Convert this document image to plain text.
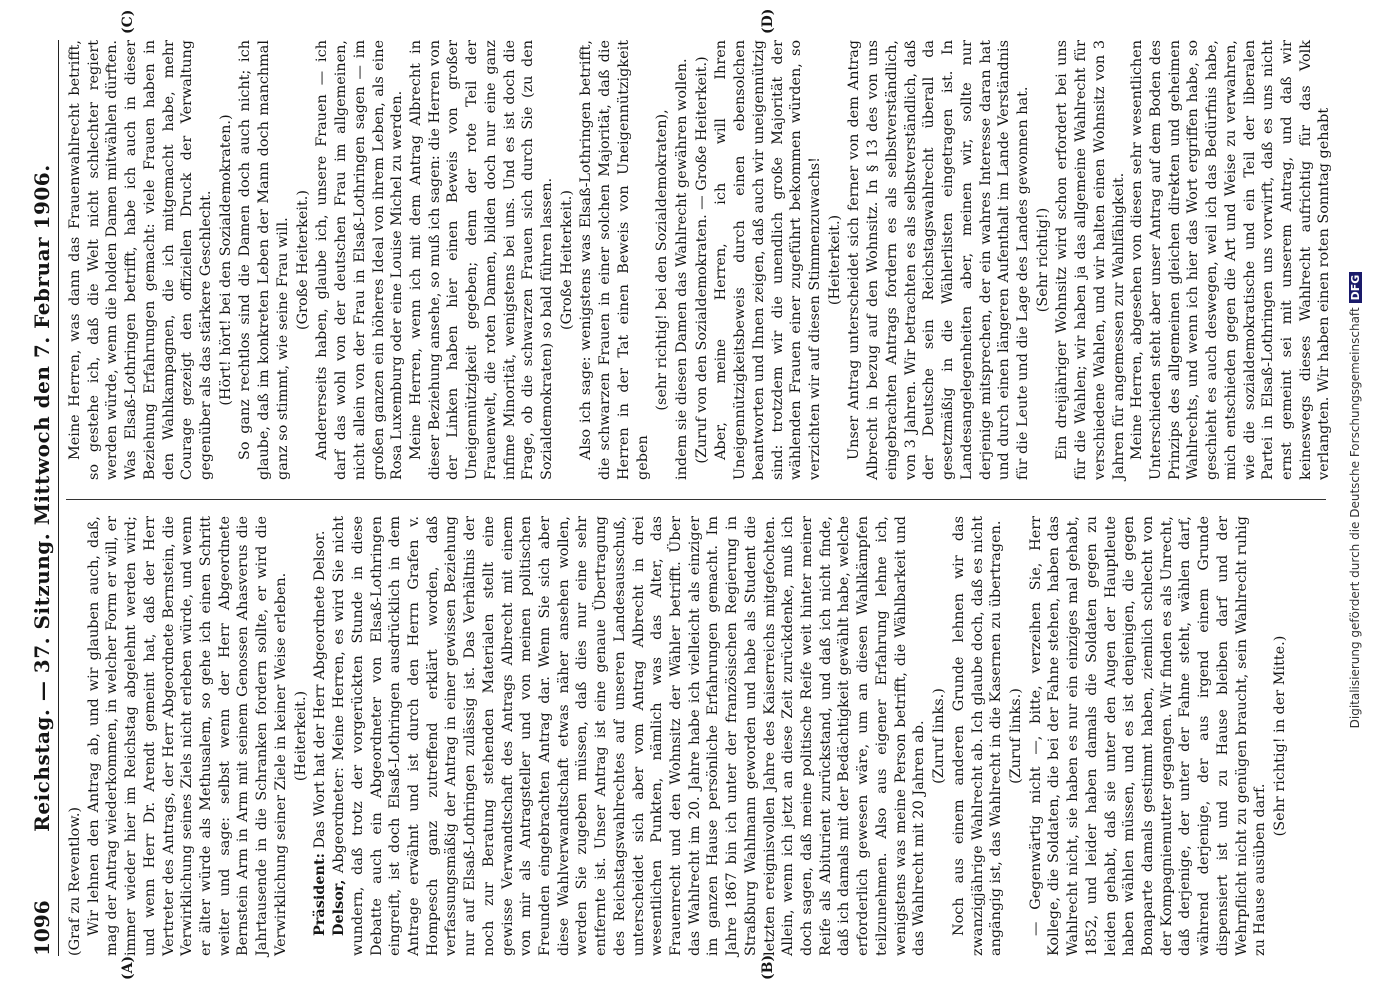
1096
Reichstag. — 37. Sitzung. Mittwoch den 7. Februar 1906.
(A)	(B)
(C)	(D)

(Graf zu Reventlow.) Wir lehnen den Antrag ab, und wir glauben auch, daß, mag der Antrag wiederkommen, in welcher Form er will, er immer wieder hier im Reichstag abgelehnt werden wird; und wenn Herr Dr. Arendt gemeint hat, daß der Herr Vertreter des Antrags, der Herr Abgeordnete Bernstein, die Verwirklichung seines Ziels nicht erleben würde, und wenn er älter würde als Methusalem, so gehe ich einen Schritt weiter und sage: selbst wenn der Herr Abgeordnete Bernstein Arm in Arm mit seinem Genossen Ahasverus die Jahrtausende in die Schranken fordern sollte, er wird die Verwirklichung seiner Ziele in keiner Weise erleben. (Heiterkeit.)

Präsident: Das Wort hat der Herr Abgeordnete Delsor.

Delsor, Abgeordneter: Meine Herren, es wird Sie nicht wundern, daß trotz der vorgerückten Stunde in diese Debatte auch ein Abgeordneter von Elsaß-Lothringen eingreift, ist doch Elsaß-Lothringen ausdrücklich in dem Antrage erwähnt und ist durch den Herrn Grafen v. Hompesch ganz zutreffend erklärt worden, daß verfassungsmäßig der Antrag in einer gewissen Beziehung nur auf Elsaß-Lothringen zulässig ist. Das Verhältnis der noch zur Beratung stehenden Materialen stellt eine gewisse Verwandtschaft des Antrags Albrecht mit einem von mir als Antragsteller und von meinen politischen Freunden eingebrachten Antrag dar. Wenn Sie sich aber diese Wahlverwandtschaft etwas näher ansehen wollen, werden Sie zugeben müssen, daß dies nur eine sehr entfernte ist. Unser Antrag ist eine genaue Übertragung des Reichstagswahlrechtes auf unseren Landesausschuß, unterscheidet sich aber vom Antrag Albrecht in drei wesentlichen Punkten, nämlich was das Alter, das Frauenrecht und den Wohnsitz der Wähler betrifft. Über das Wahlrecht im 20. Jahre habe ich vielleicht als einziger im ganzen Hause persönliche Erfahrungen gemacht. Im Jahre 1867 bin ich unter der französischen Regierung in Straßburg Wahlmann geworden und habe als Student die letzten ereignisvollen Jahre des Kaiserreichs mitgefochten. Allein, wenn ich jetzt an diese Zeit zurückdenke, muß ich doch sagen, daß meine politische Reife weit hinter meiner Reife als Abiturient zurückstand, und daß ich nicht finde, daß ich damals mit der Bedächtigkeit gewählt habe, welche erforderlich gewesen wäre, um an diesen Wahlkämpfen teilzunehmen. Also aus eigener Erfahrung lehne ich, wenigstens was meine Person betrifft, die Wählbarkeit und das Wahlrecht mit 20 Jahren ab. (Zuruf links.) Noch aus einem anderen Grunde lehnen wir das zwanzigjährige Wahlrecht ab. Ich glaube doch, daß es nicht angängig ist, das Wahlrecht in die Kasernen zu übertragen. (Zuruf links.) — Gegenwärtig nicht —, bitte, verzeihen Sie, Herr Kollege, die Soldaten, die bei der Fahne stehen, haben das Wahlrecht nicht, sie haben es nur ein einziges mal gehabt, 1852, und leider haben damals die Soldaten gegen zu leiden gehabt, daß sie unter den Augen der Hauptleute haben wählen müssen, und es ist denjenigen, die gegen Bonaparte damals gestimmt haben, ziemlich schlecht von der Kompagniemutter gegangen. Wir finden es als Unrecht, daß derjenige, der unter der Fahne steht, wählen darf, während derjenige, der aus irgend einem Grunde dispensiert ist und zu Hause bleiben darf und der Wehrpflicht nicht zu genügen braucht, sein Wahlrecht ruhig zu Hause ausüben darf.

(Sehr richtig! in der Mitte.)

Meine Herren, was dann das Frauenwahlrecht betrifft, so gestehe ich, daß die Welt nicht schlechter regiert werden würde, wenn die holden Damen mitwählen dürften. Was Elsaß-Lothringen betrifft, habe ich auch in dieser Beziehung Erfahrungen gemacht: viele Frauen haben in den Wahlkampagnen, die ich mitgemacht habe, mehr Courage gezeigt den offiziellen Druck der Verwaltung gegenüber als das stärkere Geschlecht. (Hört! hört! bei den Sozialdemokraten.) So ganz rechtlos sind die Damen doch auch nicht; ich glaube, daß im konkreten Leben der Mann doch manchmal ganz so stimmt, wie seine Frau will. (Große Heiterkeit.) Andererseits haben, glaube ich, unsere Frauen — ich darf das wohl von der deutschen Frau im allgemeinen, nicht allein von der Frau in Elsaß-Lothringen sagen — im großen ganzen ein höheres Ideal von ihrem Leben, als eine Rosa Luxemburg oder eine Louise Michel zu werden. Meine Herren, wenn ich mit dem Antrag Albrecht in dieser Beziehung ansehe, so muß ich sagen: die Herren von der Linken haben hier einen Beweis von großer Uneigennützigkeit gegeben; denn der rote Teil der Frauenwelt, die roten Damen, bilden doch nur eine ganz infime Minorität, wenigstens bei uns. Und es ist doch die Frage, ob die schwarzen Frauen sich durch Sie (zu den Sozialdemokraten) so bald führen lassen. (Große Heiterkeit.) Also ich sage: wenigstens was Elsaß-Lothringen betrifft, die schwarzen Frauen in einer solchen Majorität, daß die Herren in der Tat einen Beweis von Uneigennützigkeit geben

(sehr richtig! bei den Sozialdemokraten), indem sie diesen Damen das Wahlrecht gewähren wollen. (Zuruf von den Sozialdemokraten. — Große Heiterkeit.) Aber, meine Herren, ich will Ihren Uneigennützigkeitsbeweis durch einen ebensolchen beantworten und Ihnen zeigen, daß auch wir uneigennützig sind: trotzdem wir die unendlich große Majorität der wählenden Frauen einer zugeführt bekommen würden, so verzichten wir auf diesen Stimmenzuwachs! (Heiterkeit.) Unser Antrag unterscheidet sich ferner von dem Antrag Albrecht in bezug auf den Wohnsitz. In § 13 des von uns eingebrachten Antrags fordern es als selbstverständlich, von 3 Jahren. Wir betrachten es als selbstverständlich, daß der Deutsche sein Reichstagswahlrecht überall da gesetzmäßig in die Wählerlisten eingetragen ist. In Landesangelegenheiten aber, meinen wir, sollte nur derjenige mitsprechen, der ein wahres Interesse daran hat und durch einen längeren Aufenthalt im Lande Verständnis für die Leute und die Lage des Landes gewonnen hat. (Sehr richtig!) Ein dreijähriger Wohnsitz wird schon erfordert bei uns für die Wahlen; wir haben ja das allgemeine Wahlrecht für verschiedene Wahlen, und wir halten einen Wohnsitz von 3 Jahren für angemessen zur Wahlfähigkeit. Meine Herren, abgesehen von diesen sehr wesentlichen Unterschieden steht aber unser Antrag auf dem Boden des Prinzips des allgemeinen gleichen direkten und geheimen Wahlrechts, und wenn ich hier das Wort ergriffen habe, so geschieht es auch deswegen, weil ich das Bedürfnis habe, mich entschieden gegen die Art und Weise zu verwahren, wie die sozialdemokratische und ein Teil der liberalen Partei in Elsaß-Lothringen uns vorwirft, daß es uns nicht ernst gemeint sei mit unserem Antrag, und daß wir keineswegs dieses Wahlrecht aufrichtig für das Volk verlangten. Wir haben einen roten Sonntag gehabt

Digitalisierung gefördert durch die Deutsche ForschungsgemeinschaftDFG
